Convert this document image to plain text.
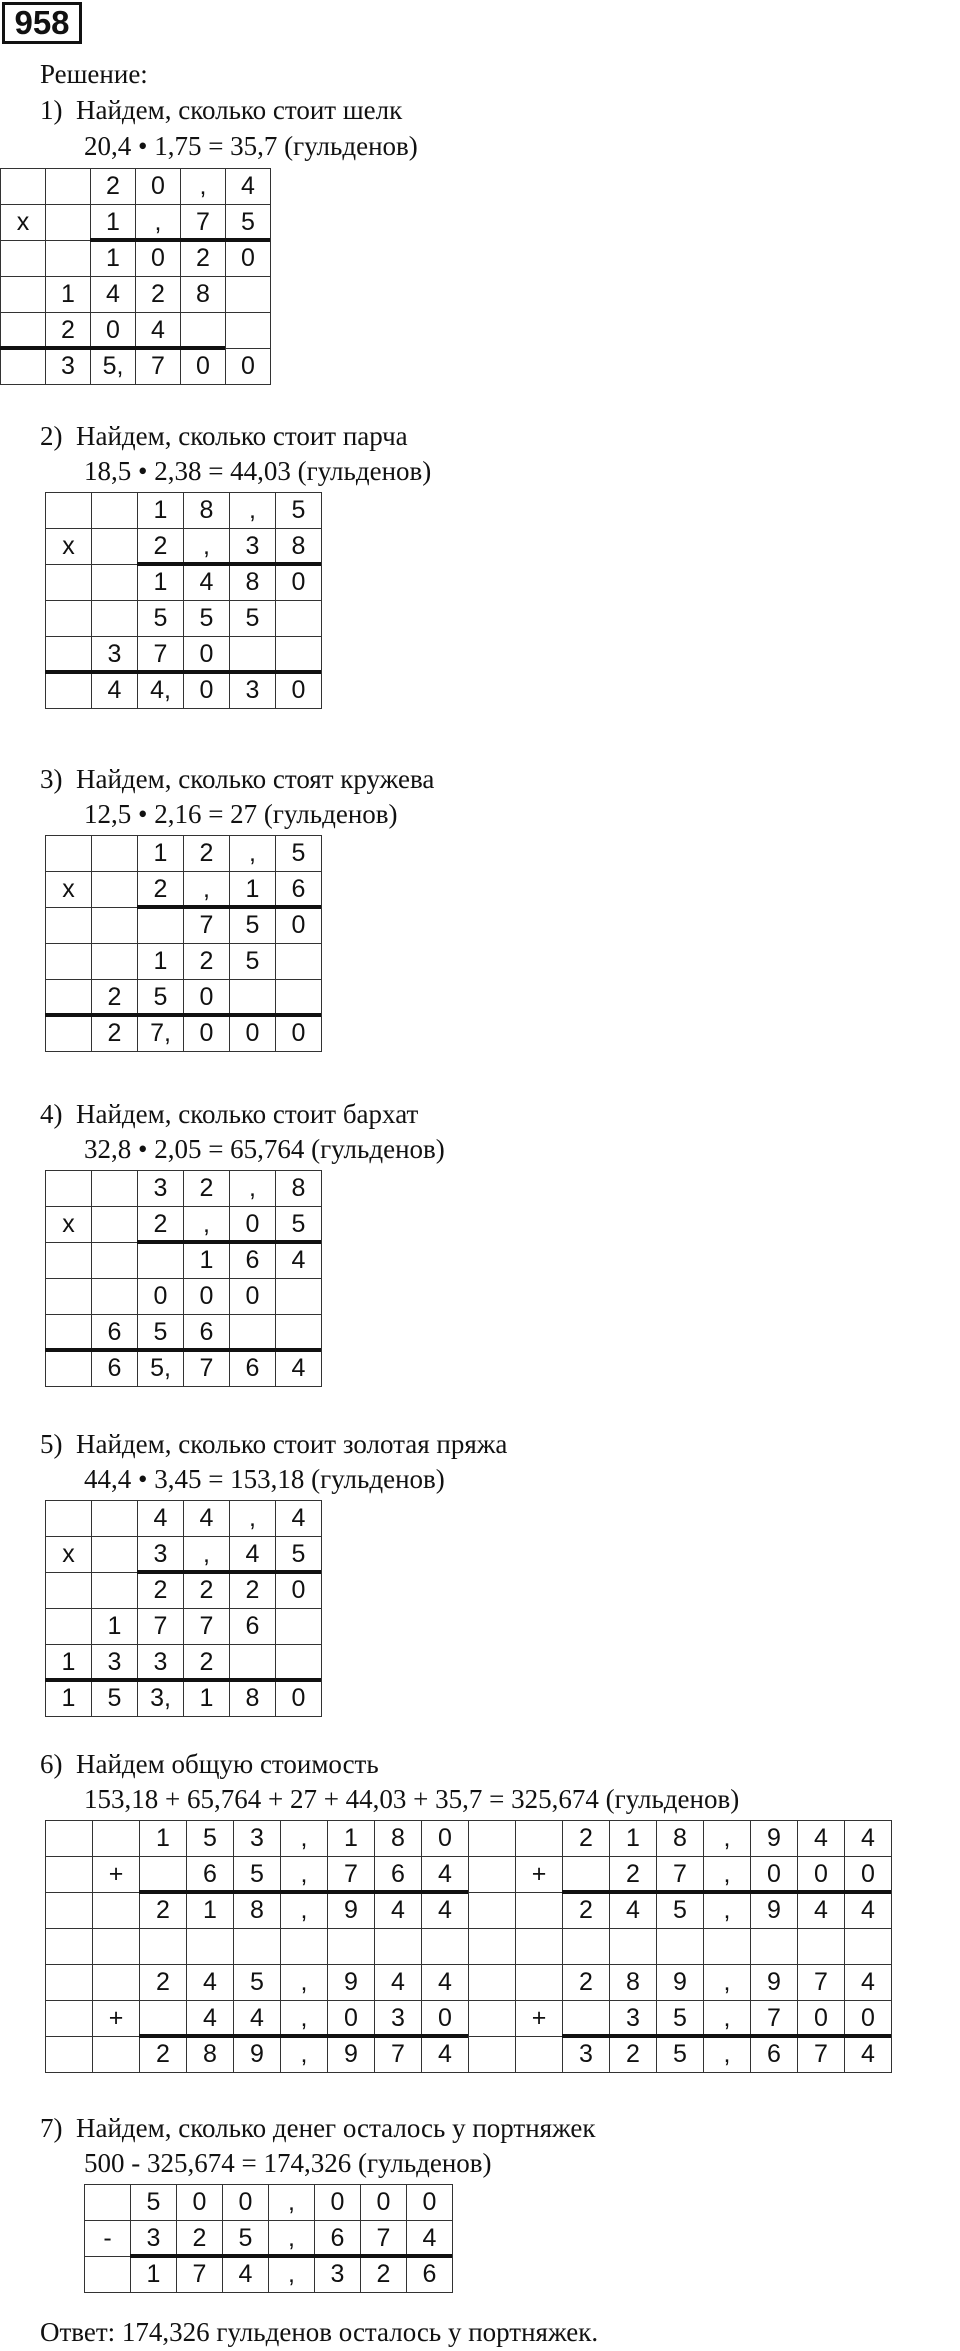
958
Решение:
1) Найдем, сколько стоит шелк
20,4 • 1,75 = 35,7 (гульденов)
		2	0	,	4
х		1	,	7	5
		1	0	2	0
	1	4	2	8	
	2	0	4		
	3	5,	7	0	0
2) Найдем, сколько стоит парча
18,5 • 2,38 = 44,03 (гульденов)
		1	8	,	5
х		2	,	3	8
		1	4	8	0
		5	5	5	
	3	7	0		
	4	4,	0	3	0
3) Найдем, сколько стоят кружева
12,5 • 2,16 = 27 (гульденов)
		1	2	,	5
х		2	,	1	6
			7	5	0
		1	2	5	
	2	5	0		
	2	7,	0	0	0
4) Найдем, сколько стоит бархат
32,8 • 2,05 = 65,764 (гульденов)
		3	2	,	8
х		2	,	0	5
			1	6	4
		0	0	0	
	6	5	6		
	6	5,	7	6	4
5) Найдем, сколько стоит золотая пряжа
44,4 • 3,45 = 153,18 (гульденов)
		4	4	,	4
х		3	,	4	5
		2	2	2	0
	1	7	7	6	
1	3	3	2		
1	5	3,	1	8	0
6) Найдем общую стоимость
153,18 + 65,764 + 27 + 44,03 + 35,7 = 325,674 (гульденов)
		1	5	3	,	1	8	0			2	1	8	,	9	4	4
	+		6	5	,	7	6	4		+		2	7	,	0	0	0
		2	1	8	,	9	4	4			2	4	5	,	9	4	4

		2	4	5	,	9	4	4			2	8	9	,	9	7	4
	+		4	4	,	0	3	0		+		3	5	,	7	0	0
		2	8	9	,	9	7	4			3	2	5	,	6	7	4
7) Найдем, сколько денег осталось у портняжек
500 - 325,674 = 174,326 (гульденов)
	5	0	0	,	0	0	0
-	3	2	5	,	6	7	4
	1	7	4	,	3	2	6
Ответ: 174,326 гульденов осталось у портняжек.
